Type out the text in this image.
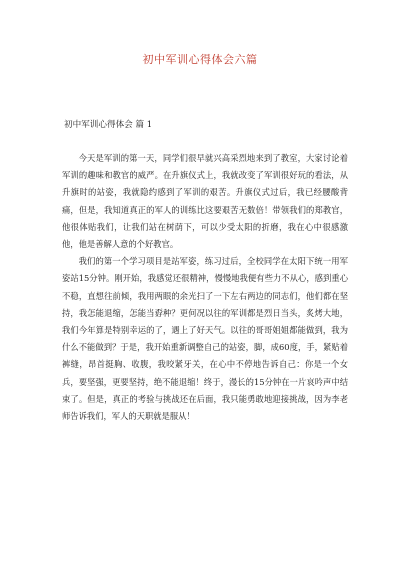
初中军训心得体会六篇
初中军训心得体会 篇 1

今天是军训的第一天，同学们很早就兴高采烈地来到了教室，大家讨论着军训的趣味和教官的威严。在升旗仪式上，我就改变了军训很好玩的看法，从升旗时的站姿，我就隐约感到了军训的艰苦。升旗仪式过后，我已经腰酸背痛，但是，我知道真正的军人的训练比这要艰苦无数倍！带领我们的郑教官，他很体贴我们，让我们站在树荫下，可以少受太阳的折磨，我在心中很感激他，他是善解人意的个好教官。

我们的第一个学习项目是站军姿，练习过后，全校同学在太阳下统一用军姿站15分钟。刚开始，我感觉还很精神，慢慢地我便有些力不从心，感到重心不稳，直想往前倾，我用两眼的余光扫了一下左右两边的同志们，他们都在坚持，我怎能退缩，怎能当孬种？更何况以往的军训都是烈日当头，炙烤大地，我们今年算是特别幸运的了，遇上了好天气。以往的哥哥姐姐都能做到，我为什么不能做到？于是，我开始重新调整自己的站姿，脚，成60度，手，紧贴着裤缝，昂首挺胸、收腹，我咬紧牙关，在心中不停地告诉自己：你是一个女兵，要坚强，更要坚持，绝不能退缩！终于，漫长的15分钟在一片哀吟声中结束了。但是，真正的考验与挑战还在后面，我只能勇敢地迎接挑战，因为李老师告诉我们，军人的天职就是服从！
